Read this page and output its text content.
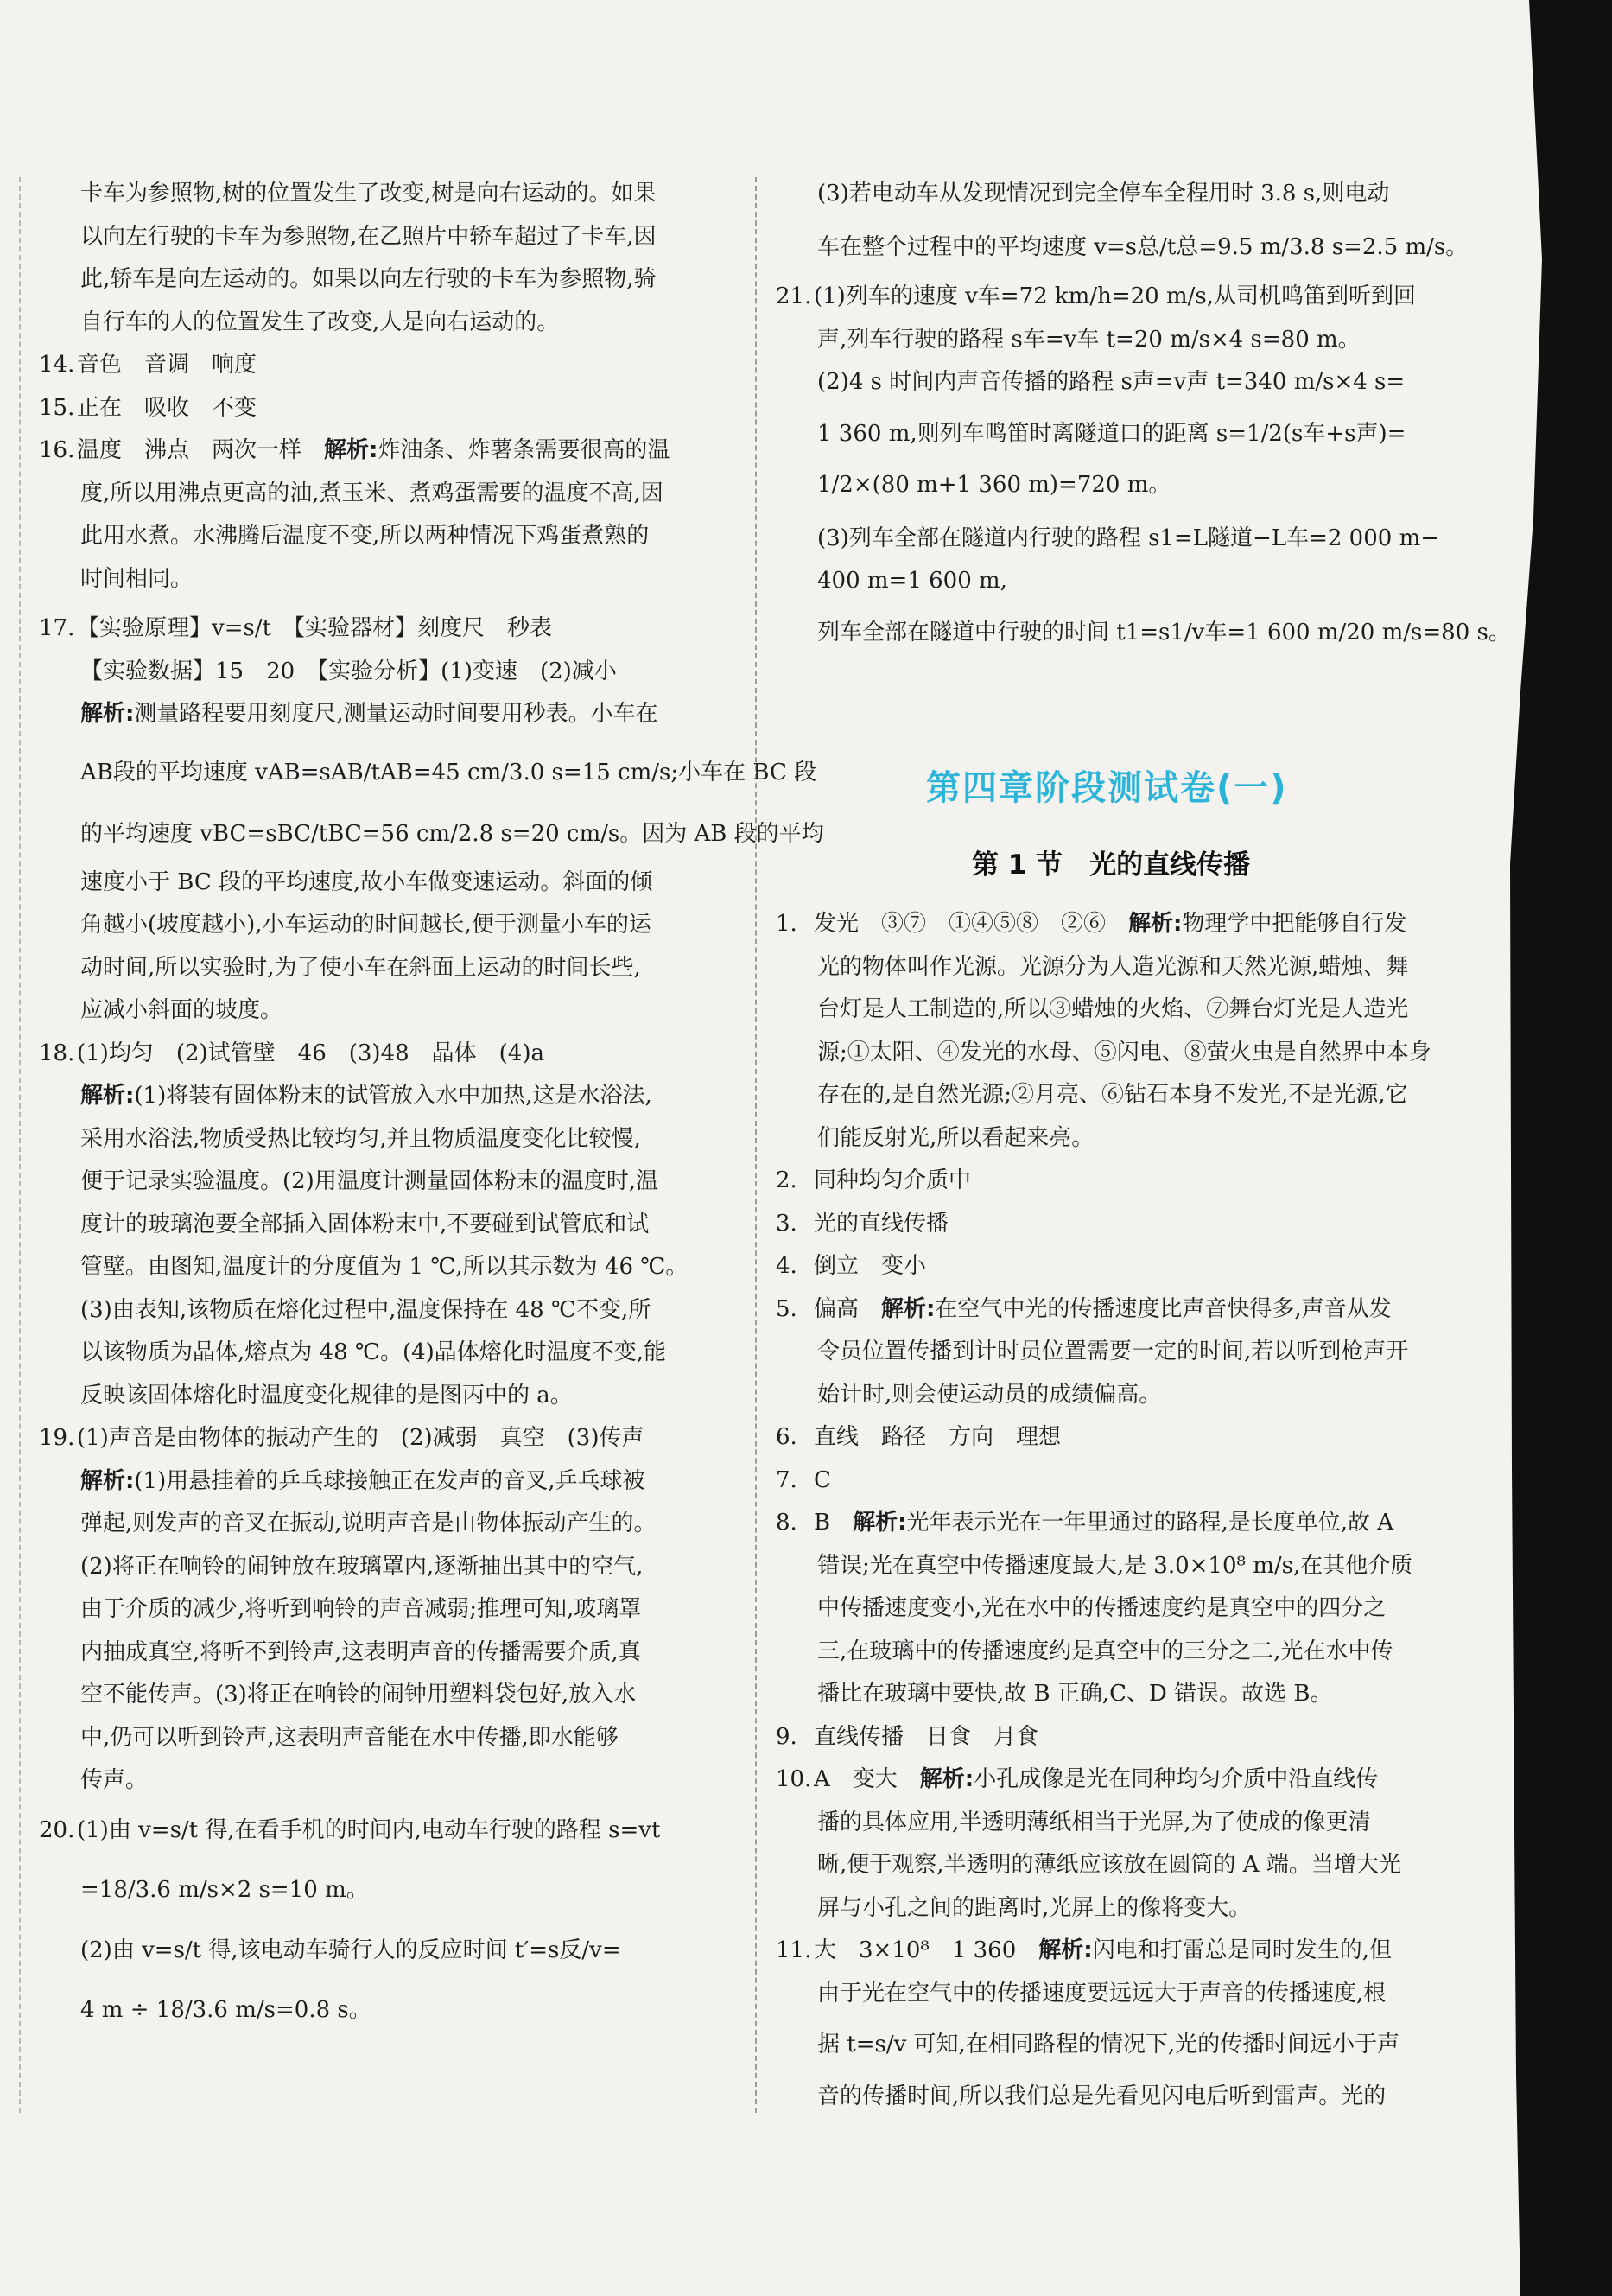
卡车为参照物,树的位置发生了改变,树是向右运动的。如果
以向左行驶的卡车为参照物,在乙照片中轿车超过了卡车,因
此,轿车是向左运动的。如果以向左行驶的卡车为参照物,骑
自行车的人的位置发生了改变,人是向右运动的。
14. 音色　音调　响度
15. 正在　吸收　不变
16. 温度　沸点　两次一样　解析:炸油条、炸薯条需要很高的温
度,所以用沸点更高的油,煮玉米、煮鸡蛋需要的温度不高,因
此用水煮。水沸腾后温度不变,所以两种情况下鸡蛋煮熟的
时间相同。
17. 【实验原理】v=s/t　【实验器材】刻度尺　秒表
【实验数据】15　20　【实验分析】(1)变速　(2)减小
解析:测量路程要用刻度尺,测量运动时间要用秒表。小车在
AB段的平均速度 vAB=sAB/tAB=45 cm/3.0 s=15 cm/s;小车在 BC 段
的平均速度 vBC=sBC/tBC=56 cm/2.8 s=20 cm/s。因为 AB 段的平均
速度小于 BC 段的平均速度,故小车做变速运动。斜面的倾
角越小(坡度越小),小车运动的时间越长,便于测量小车的运
动时间,所以实验时,为了使小车在斜面上运动的时间长些,
应减小斜面的坡度。
18. (1)均匀　(2)试管壁　46　(3)48　晶体　(4)a
解析:(1)将装有固体粉末的试管放入水中加热,这是水浴法,
采用水浴法,物质受热比较均匀,并且物质温度变化比较慢,
便于记录实验温度。(2)用温度计测量固体粉末的温度时,温
度计的玻璃泡要全部插入固体粉末中,不要碰到试管底和试
管壁。由图知,温度计的分度值为 1 ℃,所以其示数为 46 ℃。
(3)由表知,该物质在熔化过程中,温度保持在 48 ℃不变,所
以该物质为晶体,熔点为 48 ℃。(4)晶体熔化时温度不变,能
反映该固体熔化时温度变化规律的是图丙中的 a。
19. (1)声音是由物体的振动产生的　(2)减弱　真空　(3)传声
解析:(1)用悬挂着的乒乓球接触正在发声的音叉,乒乓球被
弹起,则发声的音叉在振动,说明声音是由物体振动产生的。
(2)将正在响铃的闹钟放在玻璃罩内,逐渐抽出其中的空气,
由于介质的减少,将听到响铃的声音减弱;推理可知,玻璃罩
内抽成真空,将听不到铃声,这表明声音的传播需要介质,真
空不能传声。(3)将正在响铃的闹钟用塑料袋包好,放入水
中,仍可以听到铃声,这表明声音能在水中传播,即水能够
传声。
20. (1)由 v=s/t 得,在看手机的时间内,电动车行驶的路程 s=vt
=18/3.6 m/s×2 s=10 m。
(2)由 v=s/t 得,该电动车骑行人的反应时间 t′=s反/v=
4 m ÷ 18/3.6 m/s=0.8 s。
(3)若电动车从发现情况到完全停车全程用时 3.8 s,则电动
车在整个过程中的平均速度 v=s总/t总=9.5 m/3.8 s=2.5 m/s。
21. (1)列车的速度 v车=72 km/h=20 m/s,从司机鸣笛到听到回
声,列车行驶的路程 s车=v车 t=20 m/s×4 s=80 m。
(2)4 s 时间内声音传播的路程 s声=v声 t=340 m/s×4 s=
1 360 m,则列车鸣笛时离隧道口的距离 s=1/2(s车+s声)=
1/2×(80 m+1 360 m)=720 m。
(3)列车全部在隧道内行驶的路程 s1=L隧道−L车=2 000 m−
400 m=1 600 m,
列车全部在隧道中行驶的时间 t1=s1/v车=1 600 m/20 m/s=80 s。
第四章阶段测试卷(一)
第 1 节　光的直线传播
1. 发光　③⑦　①④⑤⑧　②⑥　解析:物理学中把能够自行发
光的物体叫作光源。光源分为人造光源和天然光源,蜡烛、舞
台灯是人工制造的,所以③蜡烛的火焰、⑦舞台灯光是人造光
源;①太阳、④发光的水母、⑤闪电、⑧萤火虫是自然界中本身
存在的,是自然光源;②月亮、⑥钻石本身不发光,不是光源,它
们能反射光,所以看起来亮。
2. 同种均匀介质中
3. 光的直线传播
4. 倒立　变小
5. 偏高　解析:在空气中光的传播速度比声音快得多,声音从发
令员位置传播到计时员位置需要一定的时间,若以听到枪声开
始计时,则会使运动员的成绩偏高。
6. 直线　路径　方向　理想
7. C
8. B　解析:光年表示光在一年里通过的路程,是长度单位,故 A
错误;光在真空中传播速度最大,是 3.0×10⁸ m/s,在其他介质
中传播速度变小,光在水中的传播速度约是真空中的四分之
三,在玻璃中的传播速度约是真空中的三分之二,光在水中传
播比在玻璃中要快,故 B 正确,C、D 错误。故选 B。
9. 直线传播　日食　月食
10. A　变大　解析:小孔成像是光在同种均匀介质中沿直线传
播的具体应用,半透明薄纸相当于光屏,为了使成的像更清
晰,便于观察,半透明的薄纸应该放在圆筒的 A 端。当增大光
屏与小孔之间的距离时,光屏上的像将变大。
11. 大　3×10⁸　1 360　解析:闪电和打雷总是同时发生的,但
由于光在空气中的传播速度要远远大于声音的传播速度,根
据 t=s/v 可知,在相同路程的情况下,光的传播时间远小于声
音的传播时间,所以我们总是先看见闪电后听到雷声。光的
